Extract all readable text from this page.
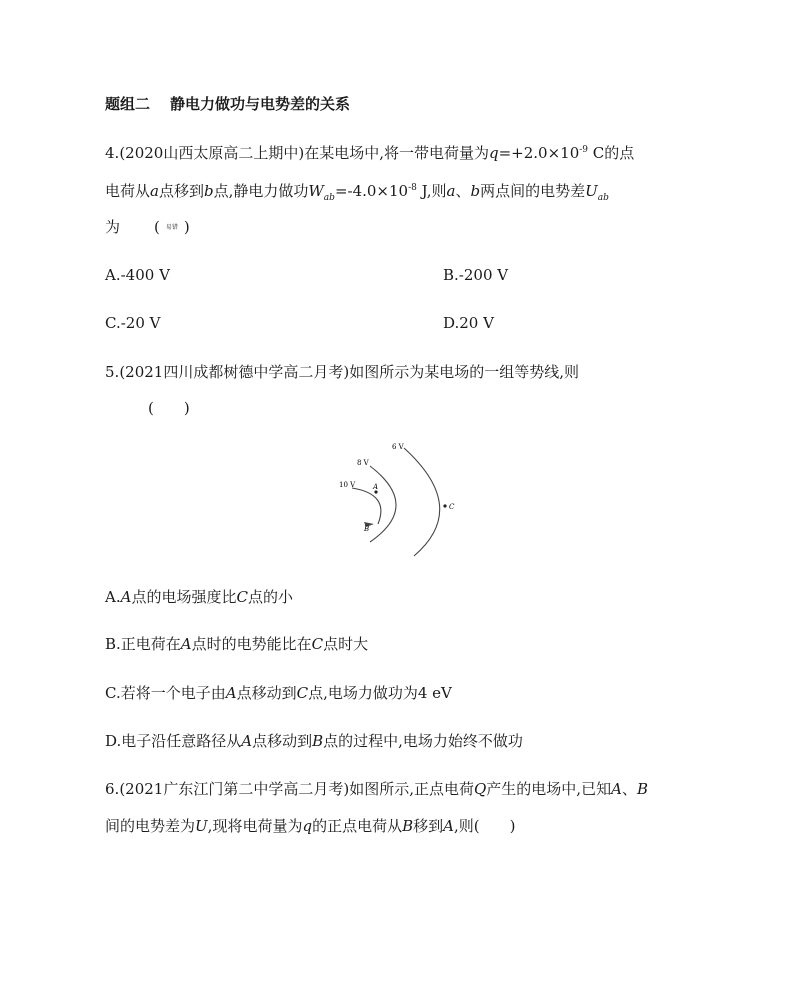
题组二 静电力做功与电势差的关系
4.(2020山西太原高二上期中)在某电场中,将一带电荷量为$q=+2.0\times 10^{-9}$ C的点
电荷从a点移到b点,静电力做功$W_{ab}=-4.0\times 10^{-8}$ J,则a、b两点间的电势差$U_{ab}$
为 ( 易错 )
A.-400 V	B.-200 V
C.-20 V	D.20 V
5.(2021四川成都树德中学高二月考)如图所示为某电场的一组等势线,则
(　　)
6 V
8 V
10 V	A
B
C
A.A点的电场强度比C点的小
B.正电荷在A点时的电势能比在C点时大
C.若将一个电子由A点移动到C点,电场力做功为4 eV
D.电子沿任意路径从A点移动到B点的过程中,电场力始终不做功
6.(2021广东江门第二中学高二月考)如图所示,正点电荷Q产生的电场中,已知A、B
间的电势差为U,现将电荷量为q的正点电荷从B移到A,则(　　)
